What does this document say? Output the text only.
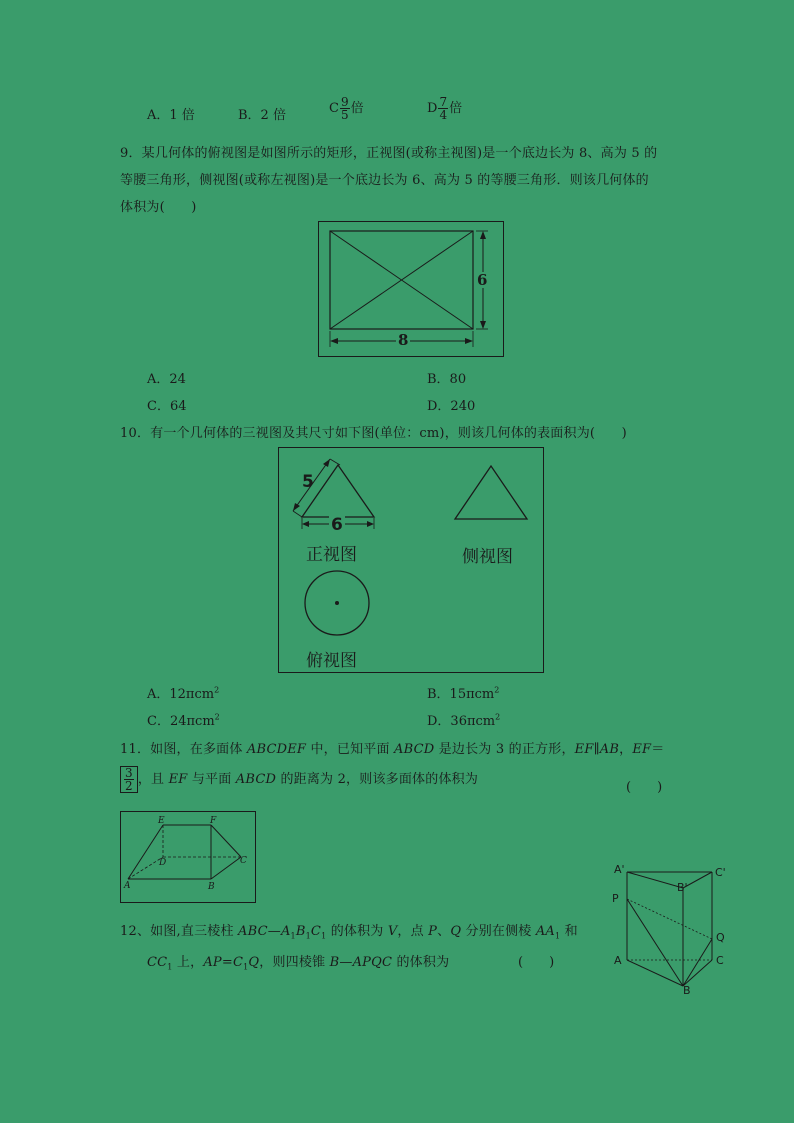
A．1 倍	B．2 倍	C $\frac{9}{5}$ 倍	D $\frac{7}{4}$ 倍
9．某几何体的俯视图是如图所示的矩形，正视图(或称主视图)是一个底边长为 8、高为 5 的
等腰三角形，侧视图(或称左视图)是一个底边长为 6、高为 5 的等腰三角形．则该几何体的
体积为(　　)
6
8
A．24	B．80
C．64	D．240
10．有一个几何体的三视图及其尺寸如下图(单位：cm)，则该几何体的表面积为(　　)
5
6
正视图	侧视图
俯视图
A．12πcm$^2$	B．15πcm$^2$
C．24πcm$^2$	D．36πcm$^2$
11．如图，在多面体 ABCDEF 中，已知平面 ABCD 是边长为 3 的正方形，EF∥AB，EF＝
$\frac{3}{2}$ ，且 EF 与平面 ABCD 的距离为 2，则该多面体的体积为
(　　)
E	F
D	C
A	B
12、如图,直三棱柱 $ABC—A_1B_1C_1$ 的体积为 V，点 P、Q 分别在侧棱 $AA_1$ 和
$CC_1$ 上，$AP=C_1Q$，则四棱锥 B—APQC 的体积为	(　　)
A'
B'
C'
P
Q
A	C
B
